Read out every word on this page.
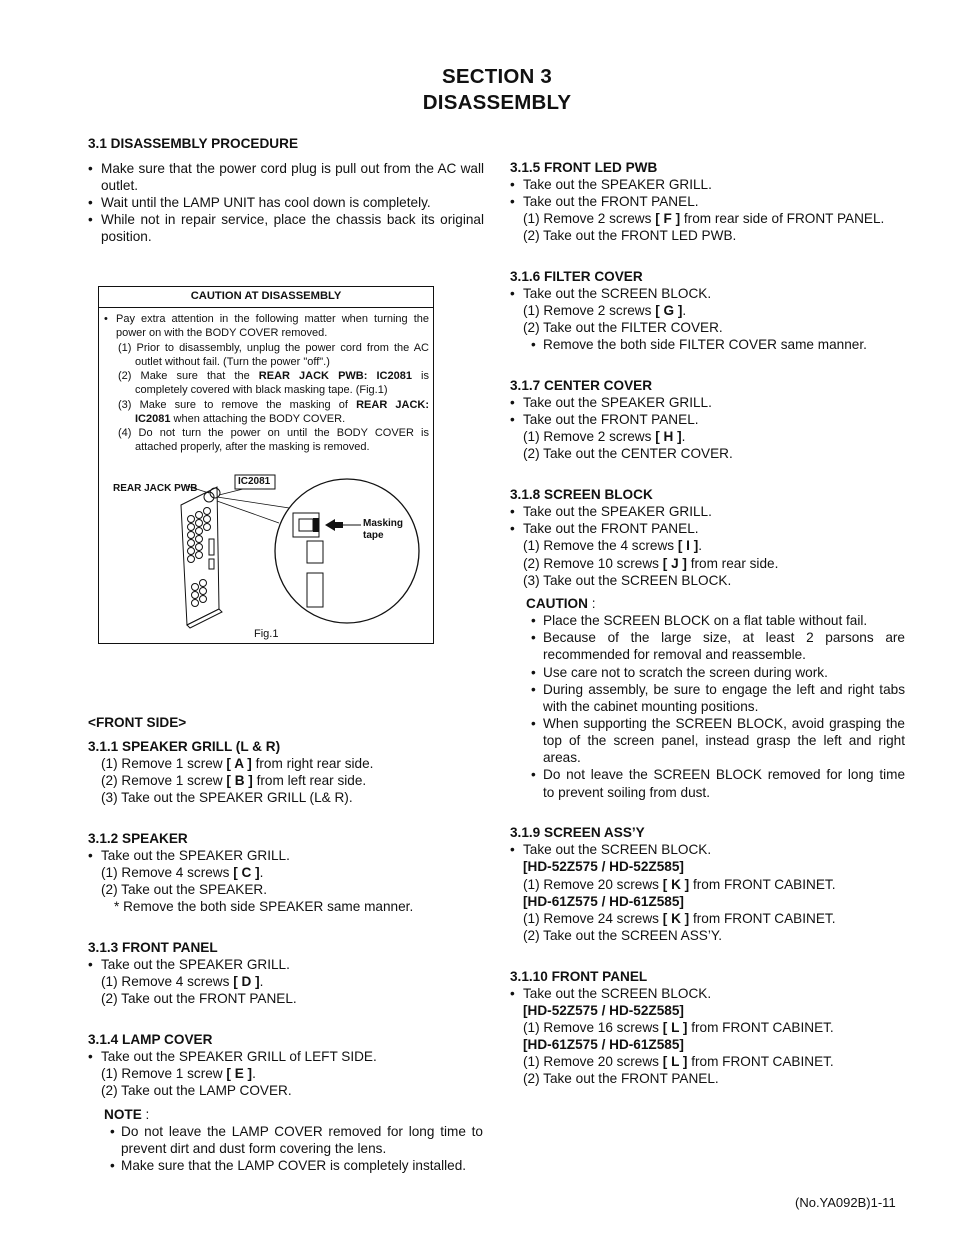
SECTION 3
DISASSEMBLY
3.1 DISASSEMBLY PROCEDURE
• Make sure that the power cord plug is pull out from the AC wall
outlet.
• Wait until the LAMP UNIT has cool down is completely.
• While not in repair service, place the chassis back its original
position.
CAUTION AT DISASSEMBLY
• Pay extra attention in the following matter when turning the
power on with the BODY COVER removed.
(1) Prior to disassembly, unplug the power cord from the AC
outlet without fail. (Turn the power "off".)
(2) Make sure that the REAR JACK PWB: IC2081 is
completely covered with black masking tape. (Fig.1)
(3) Make sure to remove the masking of REAR JACK:
IC2081 when attaching the BODY COVER.
(4) Do not turn the power on until the BODY COVER is
attached properly, after the masking is removed.
REAR JACK PWB
IC2081
Masking
tape
Fig.1
<FRONT SIDE>
3.1.1 SPEAKER GRILL (L & R)
(1) Remove 1 screw [ A ] from right rear side.
(2) Remove 1 screw [ B ] from left rear side.
(3) Take out the SPEAKER GRILL (L& R).
3.1.2 SPEAKER
• Take out the SPEAKER GRILL.
(1) Remove 4 screws [ C ].
(2) Take out the SPEAKER.
* Remove the both side SPEAKER same manner.
3.1.3 FRONT PANEL
• Take out the SPEAKER GRILL.
(1) Remove 4 screws [ D ].
(2) Take out the FRONT PANEL.
3.1.4 LAMP COVER
• Take out the SPEAKER GRILL of LEFT SIDE.
(1) Remove 1 screw [ E ].
(2) Take out the LAMP COVER.
NOTE :
• Do not leave the LAMP COVER removed for long time to
prevent dirt and dust form covering the lens.
• Make sure that the LAMP COVER is completely installed.
3.1.5 FRONT LED PWB
• Take out the SPEAKER GRILL.
• Take out the FRONT PANEL.
(1) Remove 2 screws [ F ] from rear side of FRONT PANEL.
(2) Take out the FRONT LED PWB.
3.1.6 FILTER COVER
• Take out the SCREEN BLOCK.
(1) Remove 2 screws [ G ].
(2) Take out the FILTER COVER.
• Remove the both side FILTER COVER same manner.
3.1.7 CENTER COVER
• Take out the SPEAKER GRILL.
• Take out the FRONT PANEL.
(1) Remove 2 screws [ H ].
(2) Take out the CENTER COVER.
3.1.8 SCREEN BLOCK
• Take out the SPEAKER GRILL.
• Take out the FRONT PANEL.
(1) Remove the 4 screws [ I ].
(2) Remove 10 screws [ J ] from rear side.
(3) Take out the SCREEN BLOCK.
CAUTION :
• Place the SCREEN BLOCK on a flat table without fail.
• Because of the large size, at least 2 parsons are
recommended for removal and reassemble.
• Use care not to scratch the screen during work.
• During assembly, be sure to engage the left and right tabs
with the cabinet mounting positions.
• When supporting the SCREEN BLOCK, avoid grasping the
top of the screen panel, instead grasp the left and right
areas.
• Do not leave the SCREEN BLOCK removed for long time
to prevent soiling from dust.
3.1.9 SCREEN ASS’Y
• Take out the SCREEN BLOCK.
[HD-52Z575 / HD-52Z585]
(1) Remove 20 screws [ K ] from FRONT CABINET.
[HD-61Z575 / HD-61Z585]
(1) Remove 24 screws [ K ] from FRONT CABINET.
(2) Take out the SCREEN ASS’Y.
3.1.10 FRONT PANEL
• Take out the SCREEN BLOCK.
[HD-52Z575 / HD-52Z585]
(1) Remove 16 screws [ L ] from FRONT CABINET.
[HD-61Z575 / HD-61Z585]
(1) Remove 20 screws [ L ] from FRONT CABINET.
(2) Take out the FRONT PANEL.
(No.YA092B)1-11
